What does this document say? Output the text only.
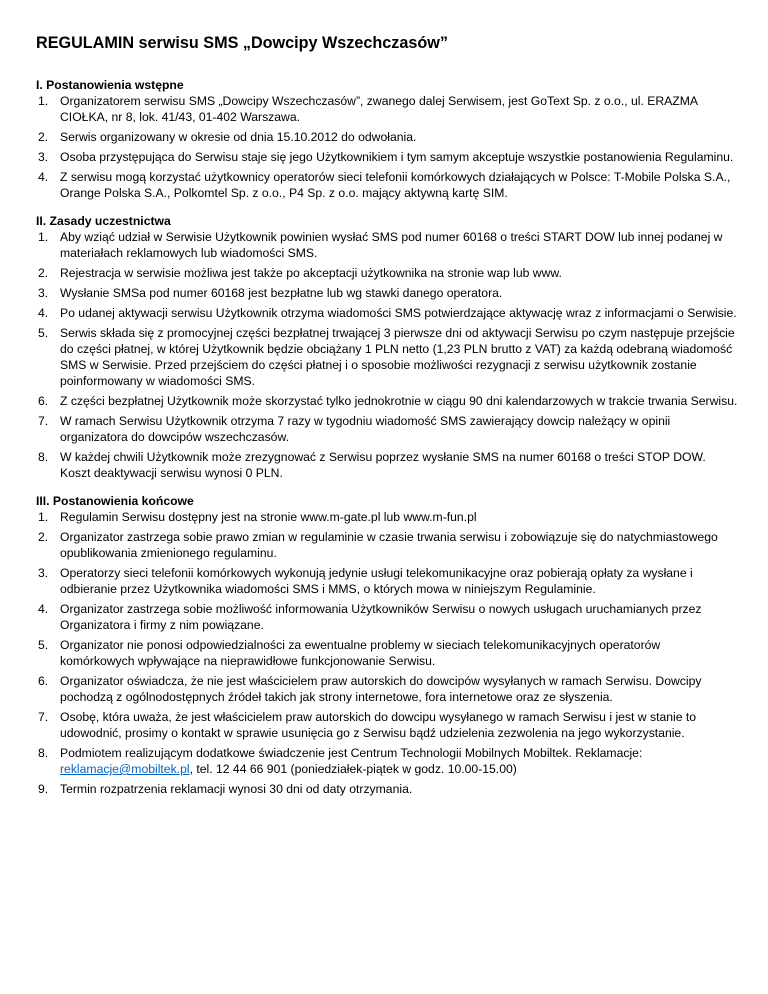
REGULAMIN serwisu SMS „Dowcipy Wszechczasów”

I. Postanowienia wstępne

1. Organizatorem serwisu SMS „Dowcipy Wszechczasów”, zwanego dalej Serwisem, jest GoText Sp. z o.o., ul. ERAZMA CIOŁKA, nr 8, lok. 41/43, 01-402 Warszawa.
2. Serwis organizowany w okresie od dnia 15.10.2012 do odwołania.
3. Osoba przystępująca do Serwisu staje się jego Użytkownikiem i tym samym akceptuje wszystkie postanowienia Regulaminu.
4. Z serwisu mogą korzystać użytkownicy operatorów sieci telefonii komórkowych działających w Polsce: T-Mobile Polska S.A., Orange Polska S.A., Polkomtel Sp. z o.o., P4 Sp. z o.o. mający aktywną kartę SIM.

II. Zasady uczestnictwa

1. Aby wziąć udział w Serwisie Użytkownik powinien wysłać SMS pod numer 60168 o treści START DOW lub innej podanej w materiałach reklamowych lub wiadomości SMS.
2. Rejestracja w serwisie możliwa jest także po akceptacji użytkownika na stronie wap lub www.
3. Wysłanie SMSa pod numer 60168 jest bezpłatne lub wg stawki danego operatora.
4. Po udanej aktywacji serwisu Użytkownik otrzyma wiadomości SMS potwierdzające aktywację wraz z informacjami o Serwisie.
5. Serwis składa się z promocyjnej części bezpłatnej trwającej 3 pierwsze dni od aktywacji Serwisu po czym następuje przejście do części płatnej, w której Użytkownik będzie obciążany 1 PLN netto (1,23 PLN brutto z VAT) za każdą odebraną wiadomość SMS w Serwisie. Przed przejściem do części płatnej i o sposobie możliwości rezygnacji z serwisu użytkownik zostanie poinformowany w wiadomości SMS.
6. Z części bezpłatnej Użytkownik może skorzystać tylko jednokrotnie w ciągu 90 dni kalendarzowych w trakcie trwania Serwisu.
7. W ramach Serwisu Użytkownik otrzyma 7 razy w tygodniu wiadomość SMS zawierający dowcip należący w opinii organizatora do dowcipów wszechczasów.
8. W każdej chwili Użytkownik może zrezygnować z Serwisu poprzez wysłanie SMS na numer 60168 o treści STOP DOW. Koszt deaktywacji serwisu wynosi 0 PLN.

III. Postanowienia końcowe

1. Regulamin Serwisu dostępny jest na stronie www.m-gate.pl lub www.m-fun.pl
2. Organizator zastrzega sobie prawo zmian w regulaminie w czasie trwania serwisu i zobowiązuje się do natychmiastowego opublikowania zmienionego regulaminu.
3. Operatorzy sieci telefonii komórkowych wykonują jedynie usługi telekomunikacyjne oraz pobierają opłaty za wysłane i odbieranie przez Użytkownika wiadomości SMS i MMS, o których mowa w niniejszym Regulaminie.
4. Organizator zastrzega sobie możliwość informowania Użytkowników Serwisu o nowych usługach uruchamianych przez Organizatora i firmy z nim powiązane.
5. Organizator nie ponosi odpowiedzialności za ewentualne problemy w sieciach telekomunikacyjnych operatorów komórkowych wpływające na nieprawidłowe funkcjonowanie Serwisu.
6. Organizator oświadcza, że nie jest właścicielem praw autorskich do dowcipów wysyłanych w ramach Serwisu. Dowcipy pochodzą z ogólnodostępnych źródeł takich jak strony internetowe, fora internetowe oraz ze słyszenia.
7. Osobę, która uważa, że jest właścicielem praw autorskich do dowcipu wysyłanego w ramach Serwisu i jest w stanie to udowodnić, prosimy o kontakt w sprawie usunięcia go z Serwisu bądź udzielenia zezwolenia na jego wykorzystanie.
8. Podmiotem realizującym dodatkowe świadczenie jest Centrum Technologii Mobilnych Mobiltek. Reklamacje: reklamacje@mobiltek.pl, tel. 12 44 66 901 (poniedziałek-piątek w godz. 10.00-15.00)
9. Termin rozpatrzenia reklamacji wynosi 30 dni od daty otrzymania.
